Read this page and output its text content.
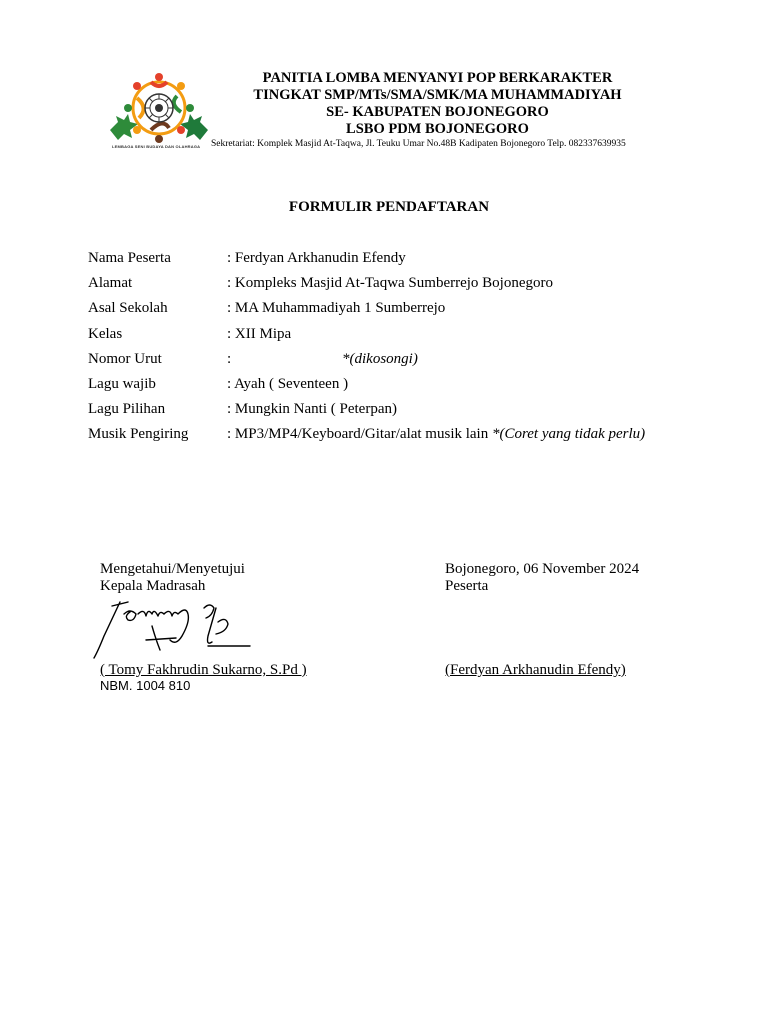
LEMBAGA SENI BUDAYA DAN OLAHRAGA
PANITIA LOMBA MENYANYI POP BERKARAKTER
TINGKAT SMP/MTs/SMA/SMK/MA MUHAMMADIYAH
SE- KABUPATEN BOJONEGORO
LSBO PDM BOJONEGORO
Sekretariat: Komplek Masjid At-Taqwa, Jl. Teuku Umar No.48B Kadipaten Bojonegoro Telp. 082337639935
FORMULIR PENDAFTARAN
Nama Peserta	: Ferdyan Arkhanudin Efendy
Alamat	: Kompleks Masjid At-Taqwa Sumberrejo Bojonegoro
Asal Sekolah	: MA Muhammadiyah 1 Sumberrejo
Kelas	: XII Mipa
Nomor Urut	:	*(dikosongi)
Lagu wajib	: Ayah ( Seventeen )
Lagu Pilihan	: Mungkin Nanti ( Peterpan)
Musik Pengiring	: MP3/MP4/Keyboard/Gitar/alat musik lain *(Coret yang tidak perlu)
Mengetahui/Menyetujui
Kepala Madrasah
Bojonegoro, 06 November 2024
Peserta
( Tomy Fakhrudin Sukarno, S.Pd )
NBM. 1004 810
(Ferdyan Arkhanudin Efendy)
